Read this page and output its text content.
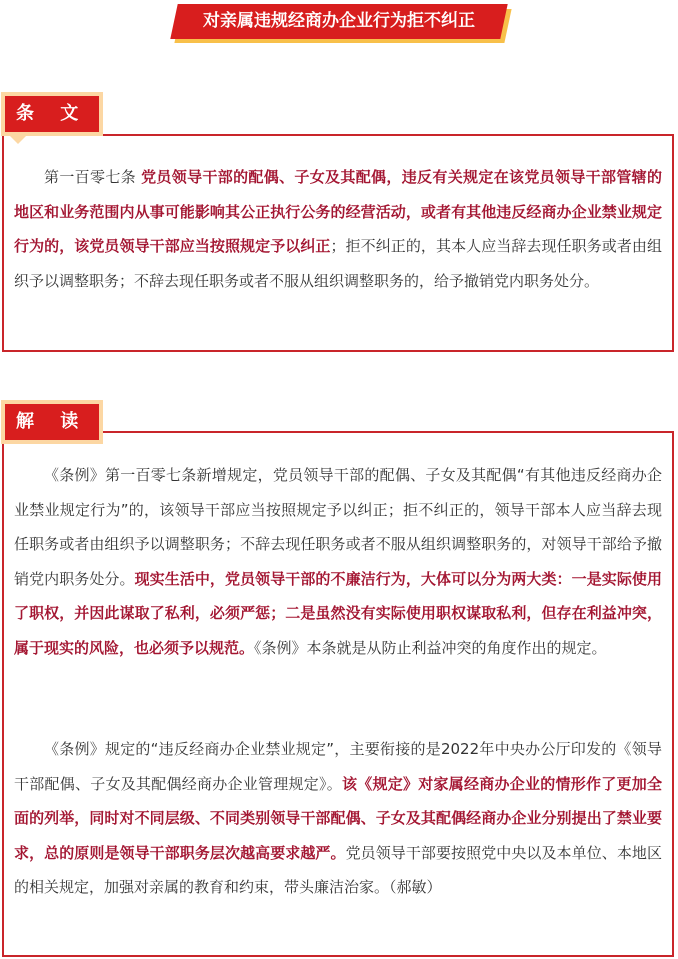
对亲属违规经商办企业行为拒不纠正
条 文
第一百零七条 党员领导干部的配偶、子女及其配偶，违反有关规定在该党员领导干部管辖的地区和业务范围内从事可能影响其公正执行公务的经营活动，或者有其他违反经商办企业禁业规定行为的，该党员领导干部应当按照规定予以纠正；拒不纠正的，其本人应当辞去现任职务或者由组织予以调整职务；不辞去现任职务或者不服从组织调整职务的，给予撤销党内职务处分。
解 读
《条例》第一百零七条新增规定，党员领导干部的配偶、子女及其配偶“有其他违反经商办企业禁业规定行为”的，该领导干部应当按照规定予以纠正；拒不纠正的，领导干部本人应当辞去现任职务或者由组织予以调整职务；不辞去现任职务或者不服从组织调整职务的，对领导干部给予撤销党内职务处分。现实生活中，党员领导干部的不廉洁行为，大体可以分为两大类：一是实际使用了职权，并因此谋取了私利，必须严惩；二是虽然没有实际使用职权谋取私利，但存在利益冲突，属于现实的风险，也必须予以规范。《条例》本条就是从防止利益冲突的角度作出的规定。
《条例》规定的“违反经商办企业禁业规定”，主要衔接的是2022年中央办公厅印发的《领导干部配偶、子女及其配偶经商办企业管理规定》。该《规定》对家属经商办企业的情形作了更加全面的列举，同时对不同层级、不同类别领导干部配偶、子女及其配偶经商办企业分别提出了禁业要求，总的原则是领导干部职务层次越高要求越严。党员领导干部要按照党中央以及本单位、本地区的相关规定，加强对亲属的教育和约束，带头廉洁治家。（郝敏）
